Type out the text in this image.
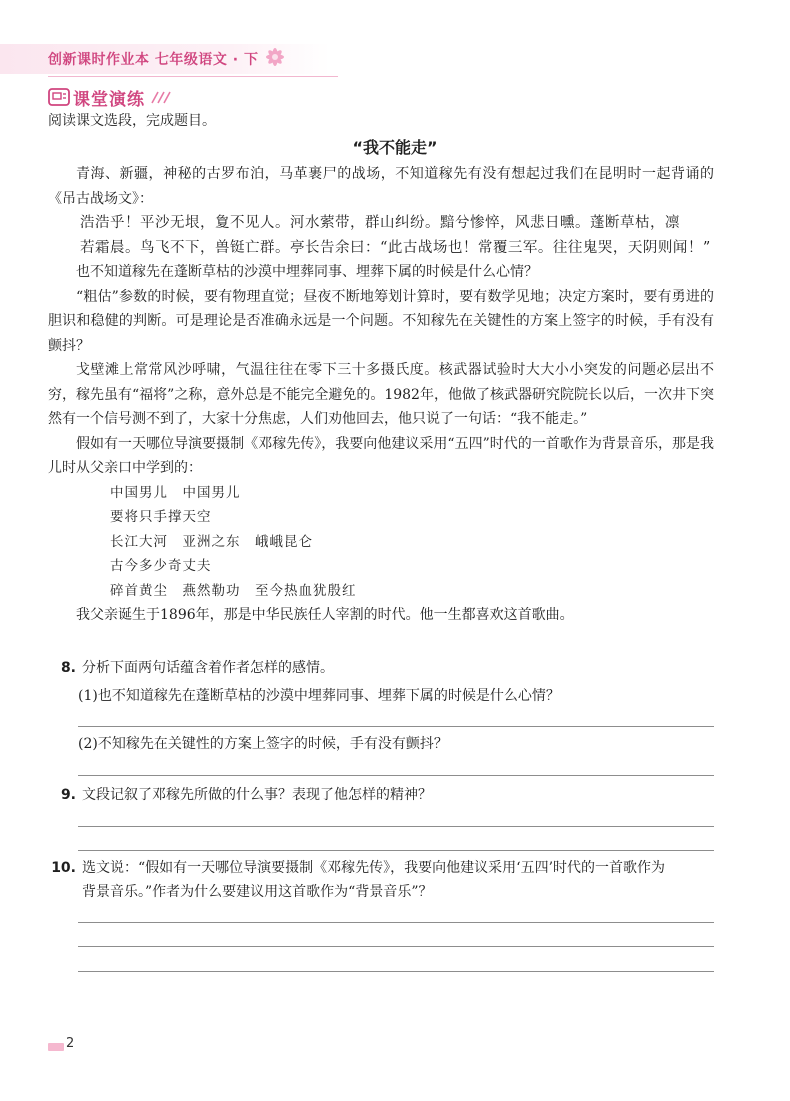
创新课时作业本 七年级语文 · 下
课堂演练
阅读课文选段，完成题目。
“我不能走”

青海、新疆，神秘的古罗布泊，马革裹尸的战场，不知道稼先有没有想起过我们在昆明时一起背诵的《吊古战场文》：

浩浩乎！平沙无垠，夐不见人。河水萦带，群山纠纷。黯兮惨悴，风悲日曛。蓬断草枯，凛
若霜晨。鸟飞不下，兽铤亡群。亭长告余曰：“此古战场也！常覆三军。往往鬼哭，天阴则闻！”

也不知道稼先在蓬断草枯的沙漠中埋葬同事、埋葬下属的时候是什么心情？

“粗估”参数的时候，要有物理直觉；昼夜不断地筹划计算时，要有数学见地；决定方案时，要有勇进的胆识和稳健的判断。可是理论是否准确永远是一个问题。不知稼先在关键性的方案上签字的时候，手有没有颤抖？

戈壁滩上常常风沙呼啸，气温往往在零下三十多摄氏度。核武器试验时大大小小突发的问题必层出不穷，稼先虽有“福将”之称，意外总是不能完全避免的。1982年，他做了核武器研究院院长以后，一次井下突然有一个信号测不到了，大家十分焦虑，人们劝他回去，他只说了一句话：“我不能走。”

假如有一天哪位导演要摄制《邓稼先传》，我要向他建议采用“五四”时代的一首歌作为背景音乐，那是我儿时从父亲口中学到的：

中国男儿　中国男儿
要将只手撑天空
长江大河　亚洲之东　峨峨昆仑
古今多少奇丈夫
碎首黄尘　燕然勒功　至今热血犹殷红

我父亲诞生于1896年，那是中华民族任人宰割的时代。他一生都喜欢这首歌曲。

8. 分析下面两句话蕴含着作者怎样的感情。
(1)也不知道稼先在蓬断草枯的沙漠中埋葬同事、埋葬下属的时候是什么心情？
(2)不知稼先在关键性的方案上签字的时候，手有没有颤抖？
9. 文段记叙了邓稼先所做的什么事？表现了他怎样的精神？
10. 选文说：“假如有一天哪位导演要摄制《邓稼先传》，我要向他建议采用‘五四’时代的一首歌作为
背景音乐。”作者为什么要建议用这首歌作为“背景音乐”？
2
